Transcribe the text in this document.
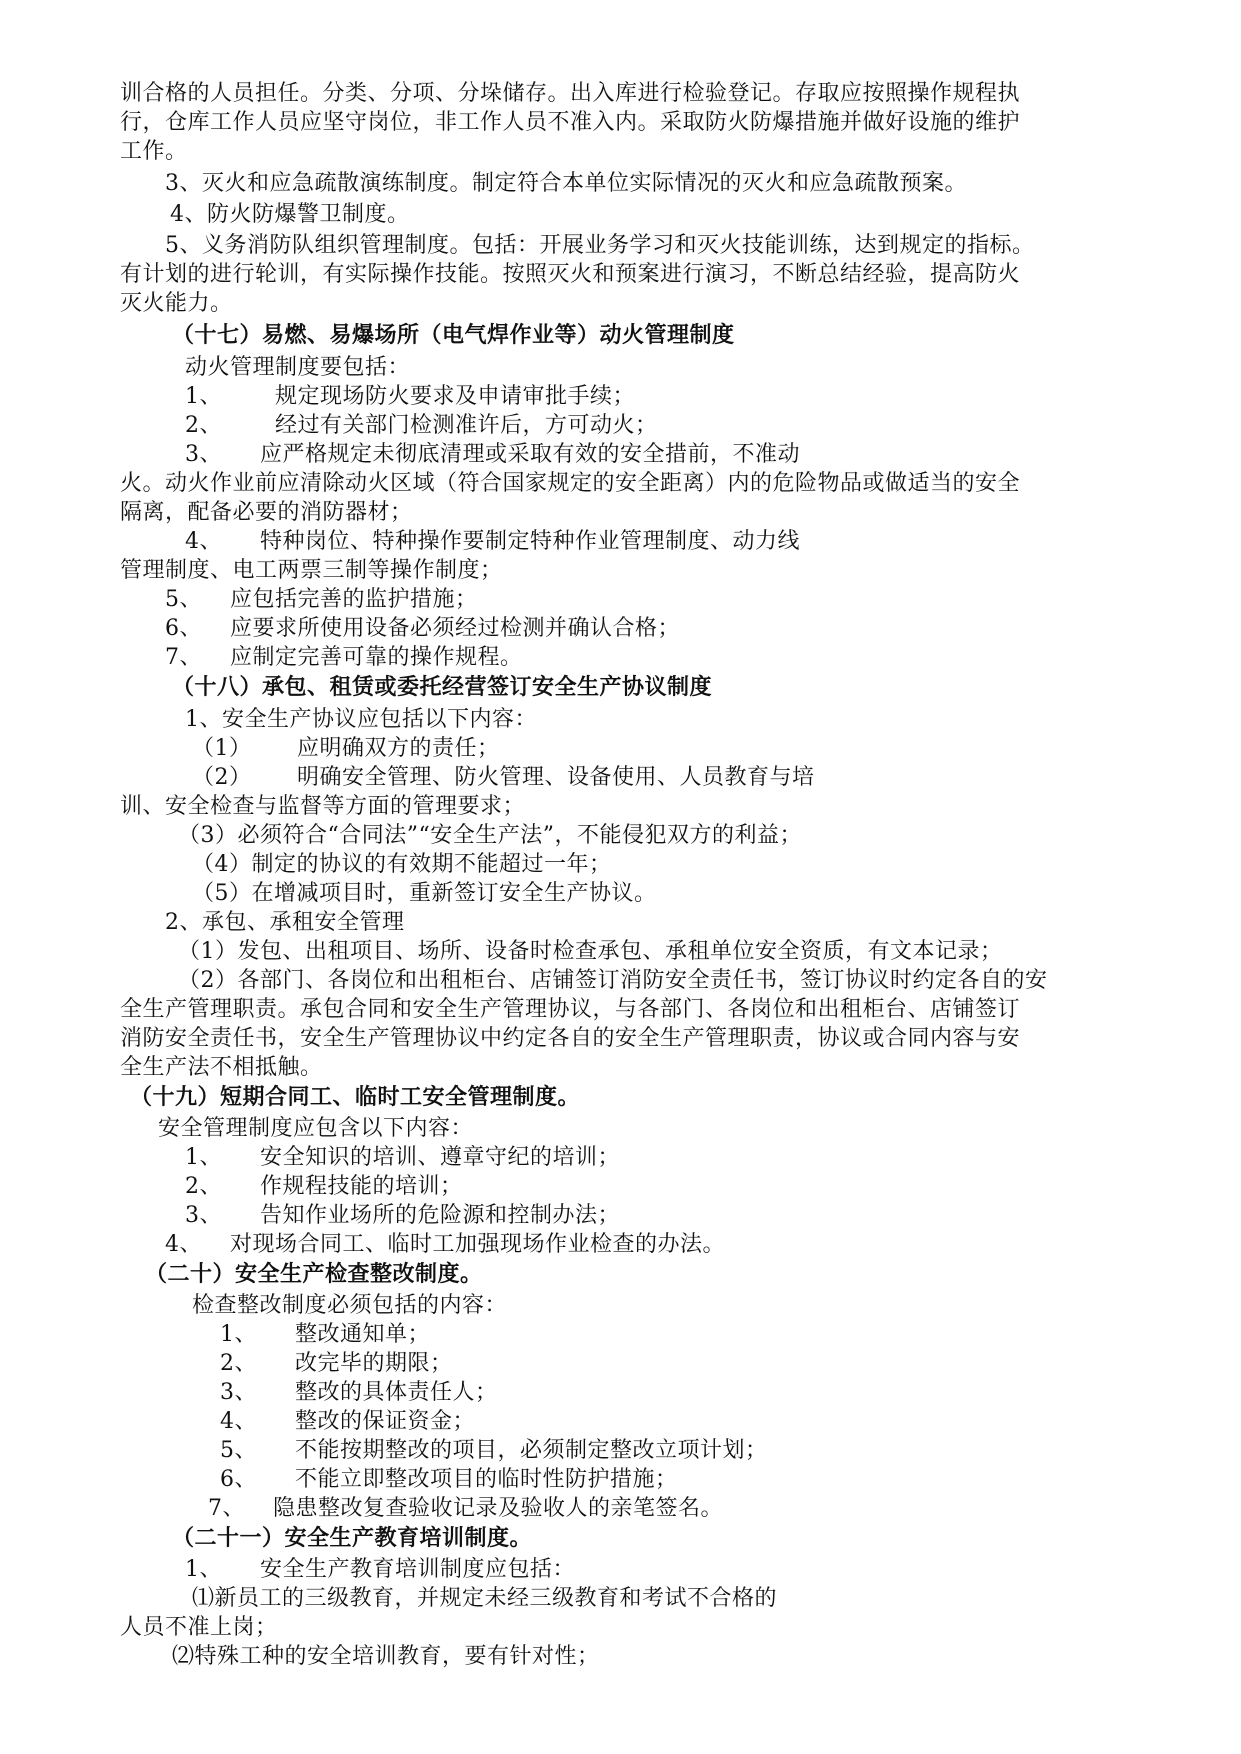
训合格的人员担任。分类、分项、分垛储存。出入库进行检验登记。存取应按照操作规程执
行，仓库工作人员应坚守岗位，非工作人员不准入内。采取防火防爆措施并做好设施的维护
工作。
3、灭火和应急疏散演练制度。制定符合本单位实际情况的灭火和应急疏散预案。
4、防火防爆警卫制度。
5、义务消防队组织管理制度。包括：开展业务学习和灭火技能训练，达到规定的指标。
有计划的进行轮训，有实际操作技能。按照灭火和预案进行演习，不断总结经验，提高防火
灭火能力。
（十七）易燃、易爆场所（电气焊作业等）动火管理制度
动火管理制度要包括：
1、 规定现场防火要求及申请审批手续；
2、 经过有关部门检测准许后，方可动火；
3、 应严格规定未彻底清理或采取有效的安全措前，不准动
火。动火作业前应清除动火区域（符合国家规定的安全距离）内的危险物品或做适当的安全
隔离，配备必要的消防器材；
4、 特种岗位、特种操作要制定特种作业管理制度、动力线
管理制度、电工两票三制等操作制度；
5、 应包括完善的监护措施；
6、 应要求所使用设备必须经过检测并确认合格；
7、 应制定完善可靠的操作规程。
（十八）承包、租赁或委托经营签订安全生产协议制度
1、安全生产协议应包括以下内容：
（1） 应明确双方的责任；
（2） 明确安全管理、防火管理、设备使用、人员教育与培
训、安全检查与监督等方面的管理要求；
（3）必须符合“合同法”“安全生产法”，不能侵犯双方的利益；
（4）制定的协议的有效期不能超过一年；
（5）在增减项目时，重新签订安全生产协议。
2、承包、承租安全管理
（1）发包、出租项目、场所、设备时检查承包、承租单位安全资质，有文本记录；
（2）各部门、各岗位和出租柜台、店铺签订消防安全责任书，签订协议时约定各自的安
全生产管理职责。承包合同和安全生产管理协议，与各部门、各岗位和出租柜台、店铺签订
消防安全责任书，安全生产管理协议中约定各自的安全生产管理职责，协议或合同内容与安
全生产法不相抵触。
（十九）短期合同工、临时工安全管理制度。
安全管理制度应包含以下内容：
1、 安全知识的培训、遵章守纪的培训；
2、 作规程技能的培训；
3、 告知作业场所的危险源和控制办法；
4、 对现场合同工、临时工加强现场作业检查的办法。
（二十）安全生产检查整改制度。
检查整改制度必须包括的内容：
1、 整改通知单；
2、 改完毕的期限；
3、 整改的具体责任人；
4、 整改的保证资金；
5、 不能按期整改的项目，必须制定整改立项计划；
6、 不能立即整改项目的临时性防护措施；
7、 隐患整改复查验收记录及验收人的亲笔签名。
（二十一）安全生产教育培训制度。
1、 安全生产教育培训制度应包括：
⑴新员工的三级教育，并规定未经三级教育和考试不合格的
人员不准上岗；
⑵特殊工种的安全培训教育，要有针对性；
